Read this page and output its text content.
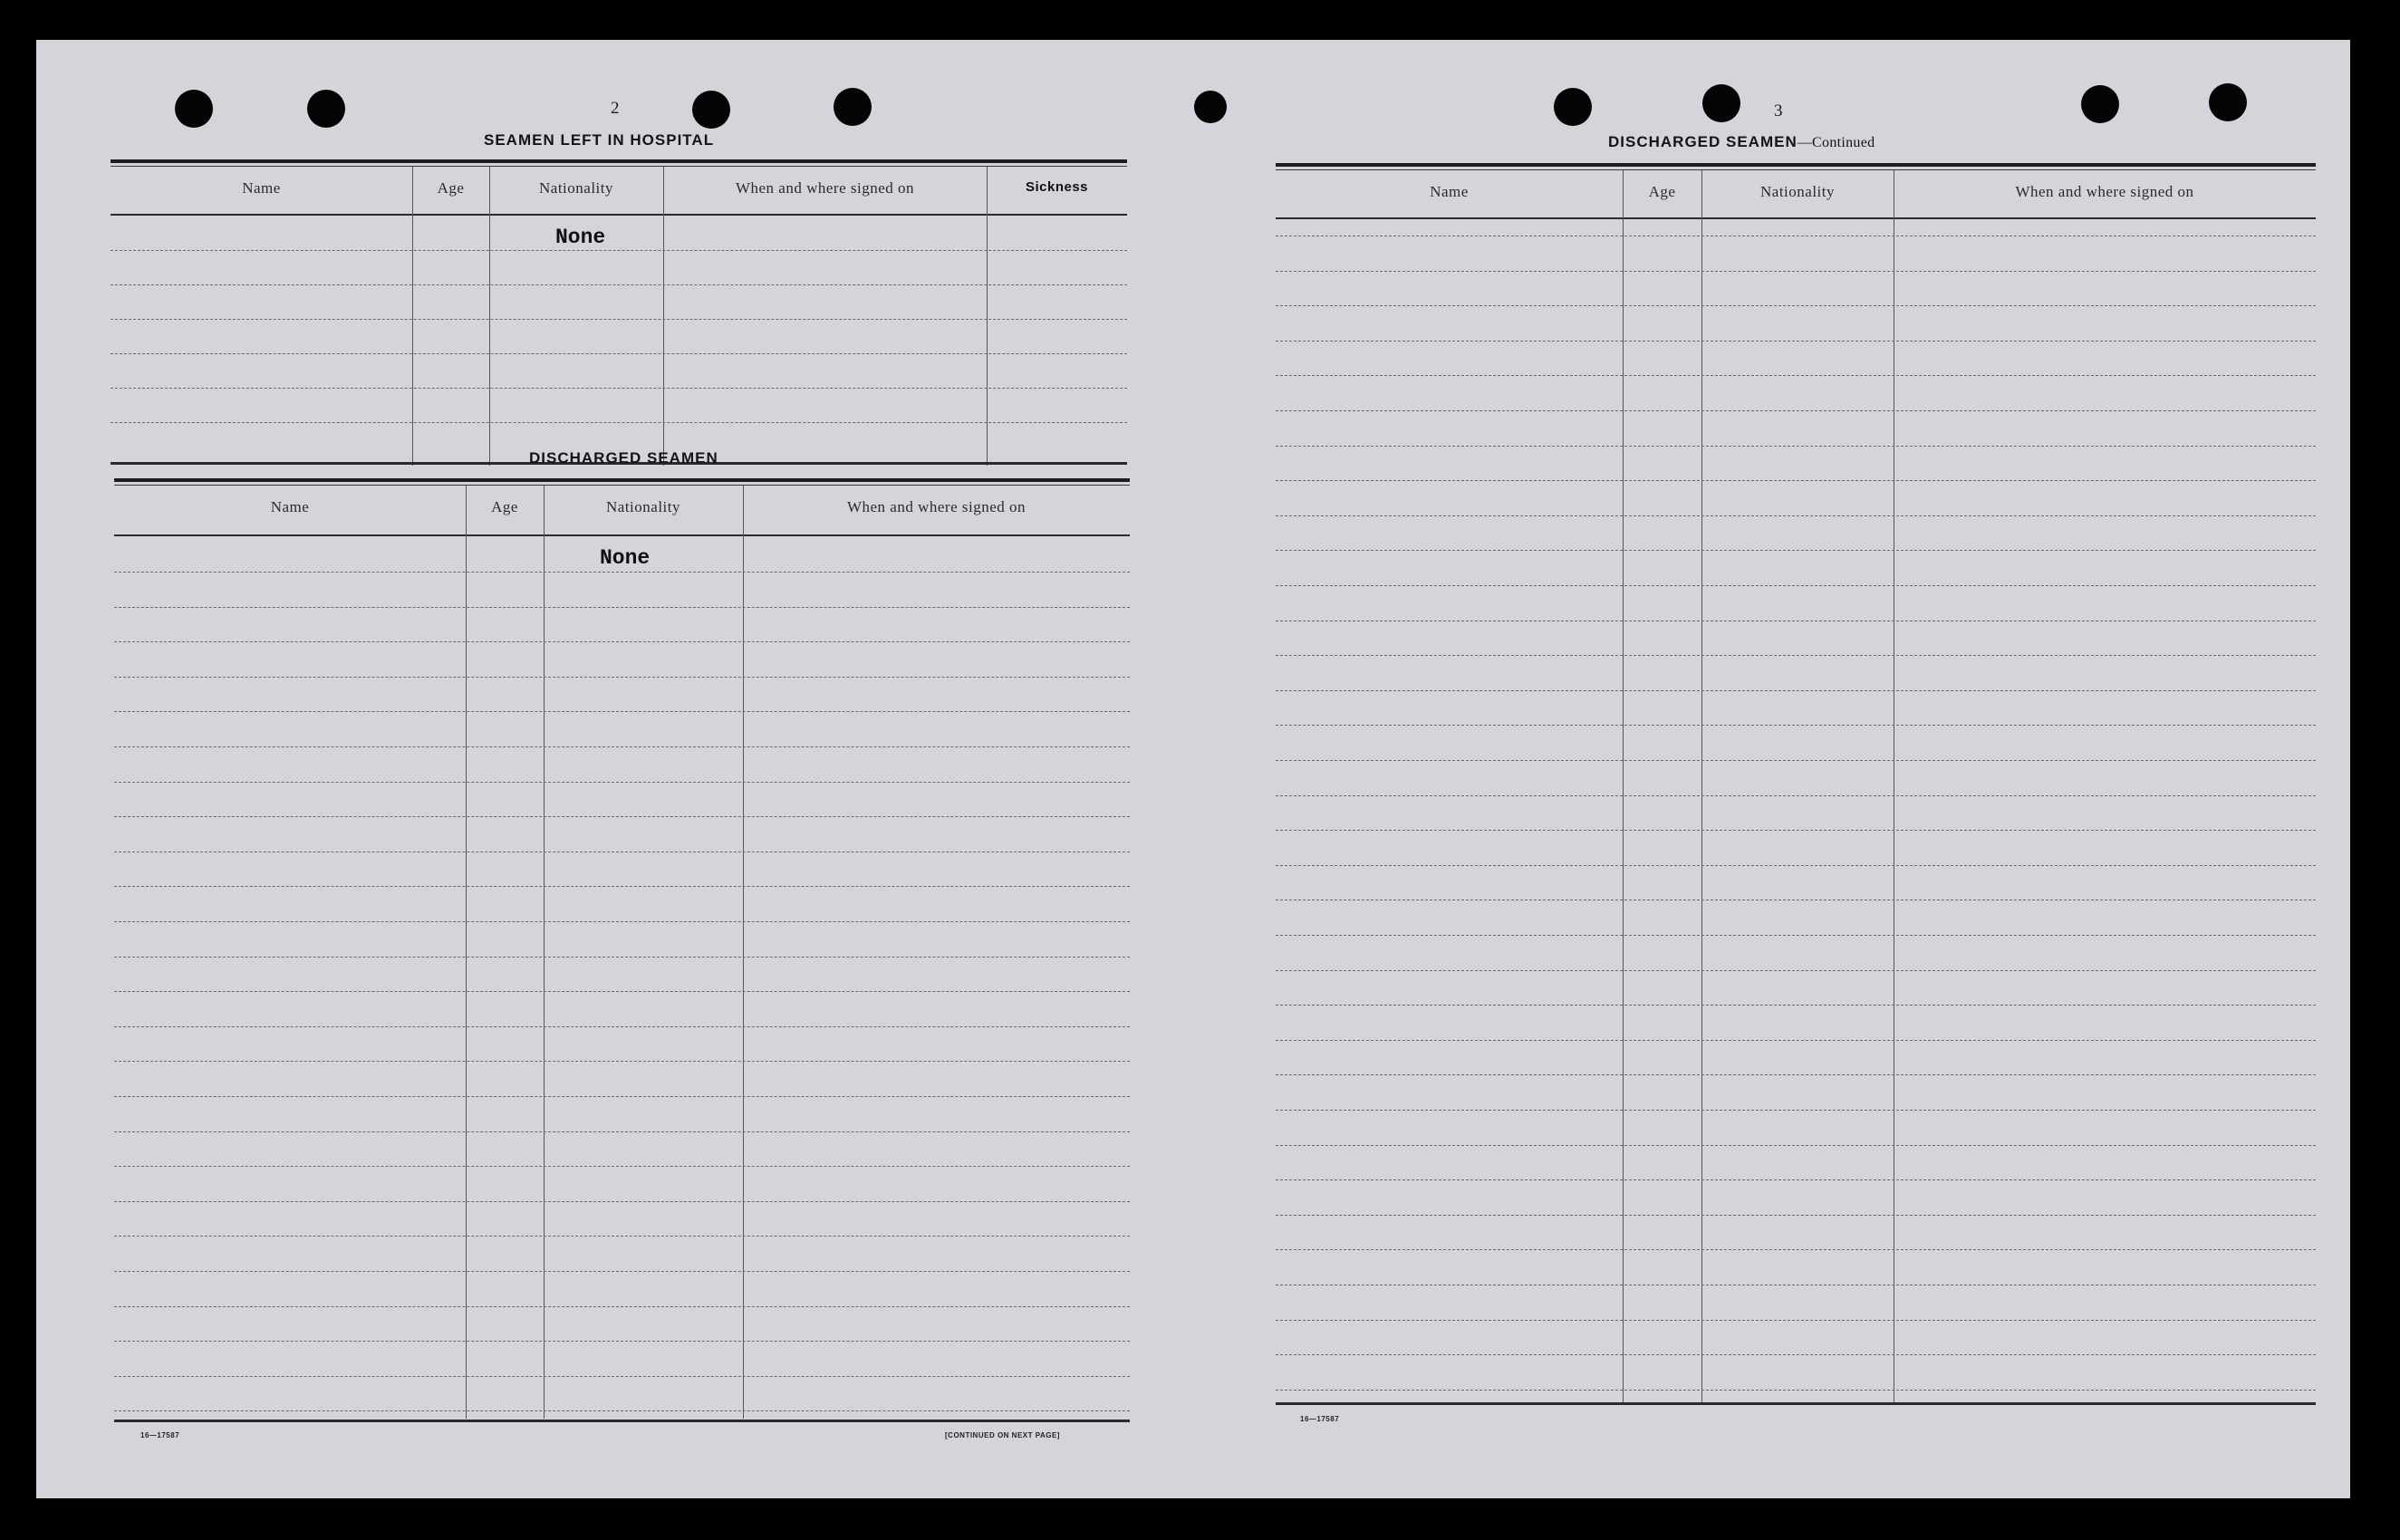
2
SEAMEN LEFT IN HOSPITAL
Name	Age	Nationality	When and where signed on	Sickness
None
DISCHARGED SEAMEN
Name	Age	Nationality	When and where signed on
None
16—17587	[CONTINUED ON NEXT PAGE]
3
DISCHARGED SEAMEN—Continued
Name	Age	Nationality	When and where signed on
16—17587
